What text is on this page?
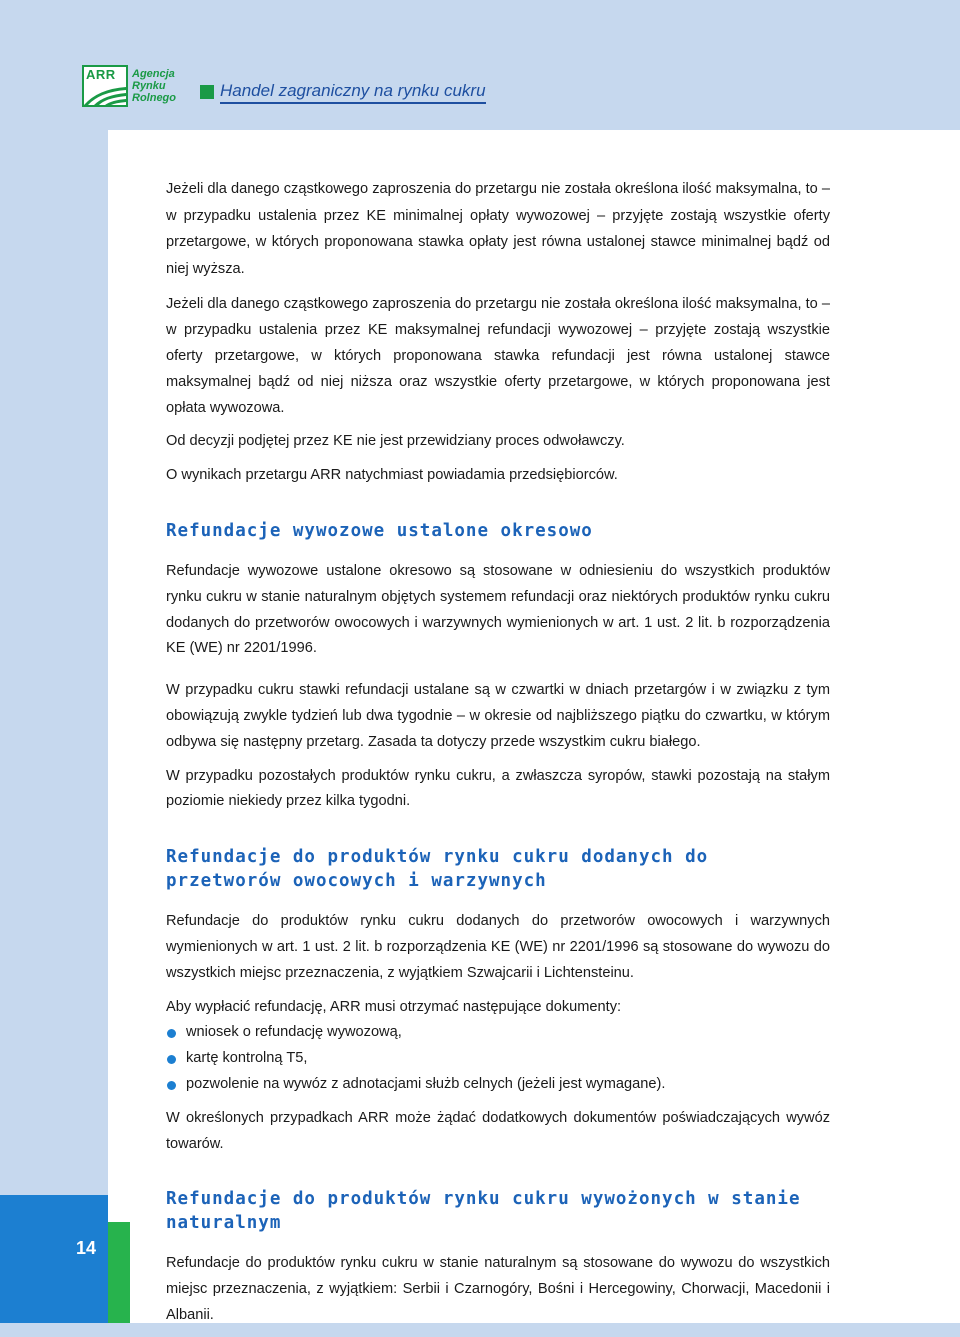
ARR Agencja
Rynku
Rolnego	Handel zagraniczny na rynku cukru

Jeżeli dla danego cząstkowego zaproszenia do przetargu nie została określona ilość maksymalna, to – w przypadku ustalenia przez KE minimalnej opłaty wywozowej – przyjęte zostają wszystkie oferty przetargowe, w których proponowana stawka opłaty jest równa ustalonej stawce minimalnej bądź od niej wyższa.

Jeżeli dla danego cząstkowego zaproszenia do przetargu nie została określona ilość maksymalna, to – w przypadku ustalenia przez KE maksymalnej refundacji wywozowej – przyjęte zostają wszystkie oferty przetargowe, w których proponowana stawka refundacji jest równa ustalonej stawce maksymalnej bądź od niej niższa oraz wszystkie oferty przetargowe, w których proponowana jest opłata wywozowa.

Od decyzji podjętej przez KE nie jest przewidziany proces odwoławczy.

O wynikach przetargu ARR natychmiast powiadamia przedsiębiorców.

Refundacje wywozowe ustalone okresowo

Refundacje wywozowe ustalone okresowo są stosowane w odniesieniu do wszystkich produktów rynku cukru w stanie naturalnym objętych systemem refundacji oraz niektórych produktów rynku cukru dodanych do przetworów owocowych i warzywnych wymienionych w art. 1 ust. 2 lit. b rozporządzenia KE (WE) nr 2201/1996.

W przypadku cukru stawki refundacji ustalane są w czwartki w dniach przetargów i w związku z tym obowiązują zwykle tydzień lub dwa tygodnie – w okresie od najbliższego piątku do czwartku, w którym odbywa się następny przetarg. Zasada ta dotyczy przede wszystkim cukru białego.

W przypadku pozostałych produktów rynku cukru, a zwłaszcza syropów, stawki pozostają na stałym poziomie niekiedy przez kilka tygodni.

Refundacje do produktów rynku cukru dodanych do przetworów owocowych i warzywnych

Refundacje do produktów rynku cukru dodanych do przetworów owocowych i warzywnych wymienionych w art. 1 ust. 2 lit. b rozporządzenia KE (WE) nr 2201/1996 są stosowane do wywozu do wszystkich miejsc przeznaczenia, z wyjątkiem Szwajcarii i Lichtensteinu.

Aby wypłacić refundację, ARR musi otrzymać następujące dokumenty:

wniosek o refundację wywozową,
kartę kontrolną T5,
pozwolenie na wywóz z adnotacjami służb celnych (jeżeli jest wymagane).

W określonych przypadkach ARR może żądać dodatkowych dokumentów poświadczających wywóz towarów.

Refundacje do produktów rynku cukru wywożonych w stanie naturalnym

Refundacje do produktów rynku cukru w stanie naturalnym są stosowane do wywozu do wszystkich miejsc przeznaczenia, z wyjątkiem: Serbii i Czarnogóry, Bośni i Hercegowiny, Chorwacji, Macedonii i Albanii.

14
